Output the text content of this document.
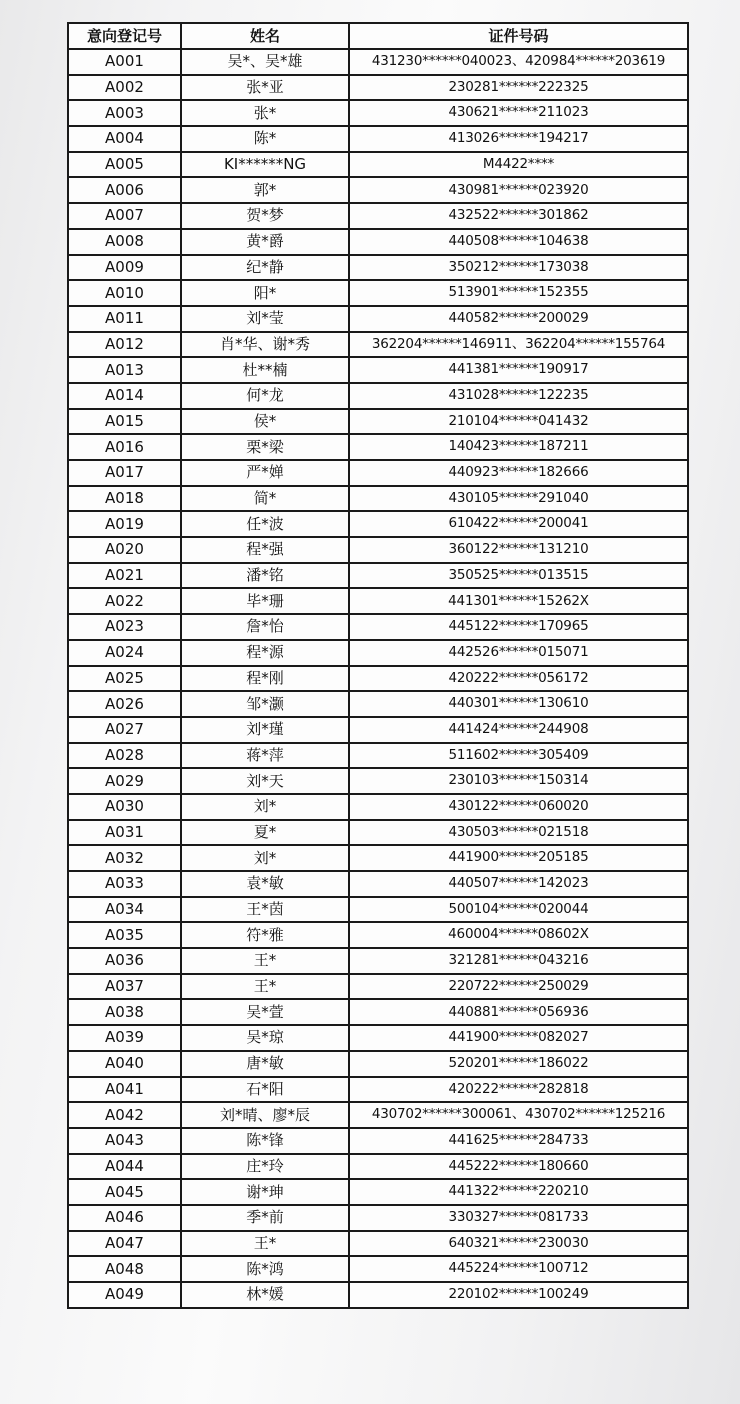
意向登记号	姓名	证件号码
A001	吴*、吴*雄	431230******040023、420984******203619
A002	张*亚	230281******222325
A003	张*	430621******211023
A004	陈*	413026******194217
A005	KI******NG	M4422****
A006	郭*	430981******023920
A007	贺*梦	432522******301862
A008	黄*爵	440508******104638
A009	纪*静	350212******173038
A010	阳*	513901******152355
A011	刘*莹	440582******200029
A012	肖*华、谢*秀	362204******146911、362204******155764
A013	杜**楠	441381******190917
A014	何*龙	431028******122235
A015	侯*	210104******041432
A016	栗*梁	140423******187211
A017	严*婵	440923******182666
A018	简*	430105******291040
A019	任*波	610422******200041
A020	程*强	360122******131210
A021	潘*铭	350525******013515
A022	毕*珊	441301******15262X
A023	詹*怡	445122******170965
A024	程*源	442526******015071
A025	程*刚	420222******056172
A026	邹*灏	440301******130610
A027	刘*瑾	441424******244908
A028	蒋*萍	511602******305409
A029	刘*天	230103******150314
A030	刘*	430122******060020
A031	夏*	430503******021518
A032	刘*	441900******205185
A033	袁*敏	440507******142023
A034	王*茵	500104******020044
A035	符*雅	460004******08602X
A036	王*	321281******043216
A037	王*	220722******250029
A038	吴*萱	440881******056936
A039	吴*琼	441900******082027
A040	唐*敏	520201******186022
A041	石*阳	420222******282818
A042	刘*晴、廖*辰	430702******300061、430702******125216
A043	陈*锋	441625******284733
A044	庄*玲	445222******180660
A045	谢*珅	441322******220210
A046	季*前	330327******081733
A047	王*	640321******230030
A048	陈*鸿	445224******100712
A049	林*媛	220102******100249
